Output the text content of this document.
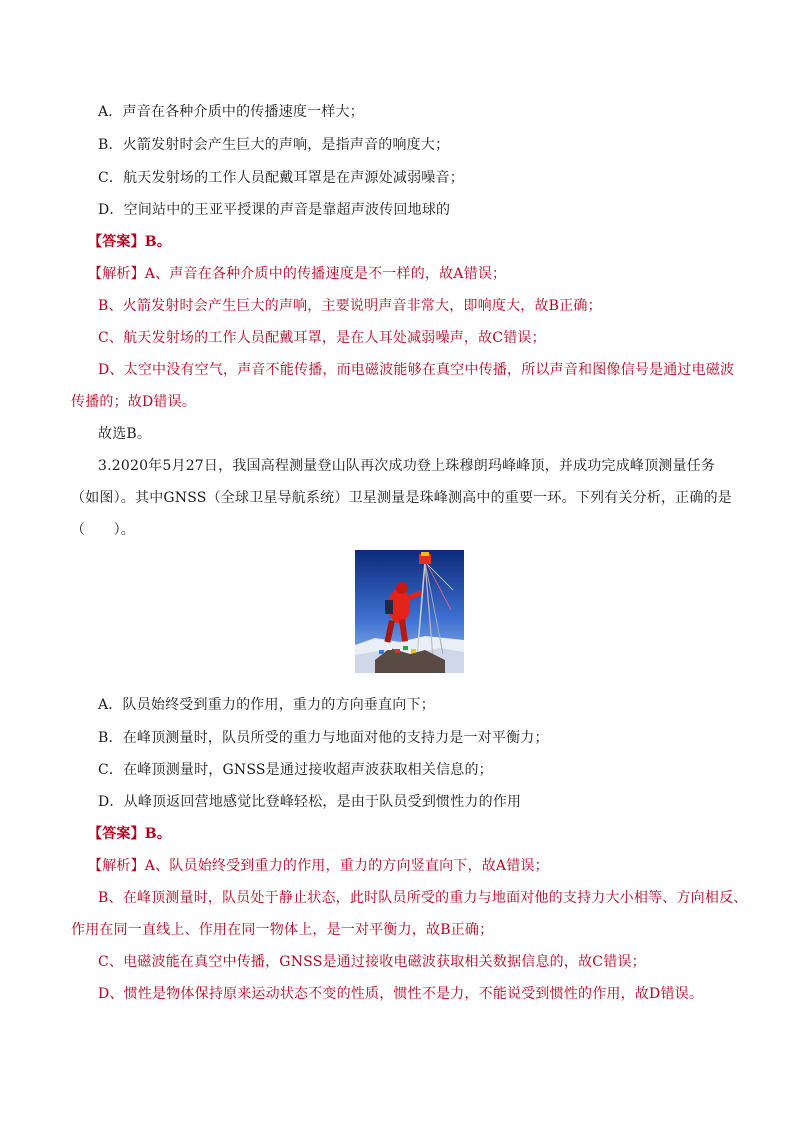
A．声音在各种介质中的传播速度一样大；
B．火箭发射时会产生巨大的声响，是指声音的响度大；
C．航天发射场的工作人员配戴耳罩是在声源处减弱噪音；
D．空间站中的王亚平授课的声音是靠超声波传回地球的
【答案】B。
【解析】A、声音在各种介质中的传播速度是不一样的，故A错误；
B、火箭发射时会产生巨大的声响，主要说明声音非常大，即响度大，故B正确；
C、航天发射场的工作人员配戴耳罩，是在人耳处减弱噪声，故C错误；
D、太空中没有空气，声音不能传播，而电磁波能够在真空中传播，所以声音和图像信号是通过电磁波
传播的；故D错误。
故选B。
3.2020年5月27日，我国高程测量登山队再次成功登上珠穆朗玛峰峰顶，并成功完成峰顶测量任务
（如图）。其中GNSS（全球卫星导航系统）卫星测量是珠峰测高中的重要一环。下列有关分析，正确的是
（　　）。
A．队员始终受到重力的作用，重力的方向垂直向下；
B．在峰顶测量时，队员所受的重力与地面对他的支持力是一对平衡力；
C．在峰顶测量时，GNSS是通过接收超声波获取相关信息的；
D．从峰顶返回营地感觉比登峰轻松，是由于队员受到惯性力的作用
【答案】B。
【解析】A、队员始终受到重力的作用，重力的方向竖直向下，故A错误；
B、在峰顶测量时，队员处于静止状态，此时队员所受的重力与地面对他的支持力大小相等、方向相反、
作用在同一直线上、作用在同一物体上，是一对平衡力，故B正确；
C、电磁波能在真空中传播，GNSS是通过接收电磁波获取相关数据信息的，故C错误；
D、惯性是物体保持原来运动状态不变的性质，惯性不是力，不能说受到惯性的作用，故D错误。
